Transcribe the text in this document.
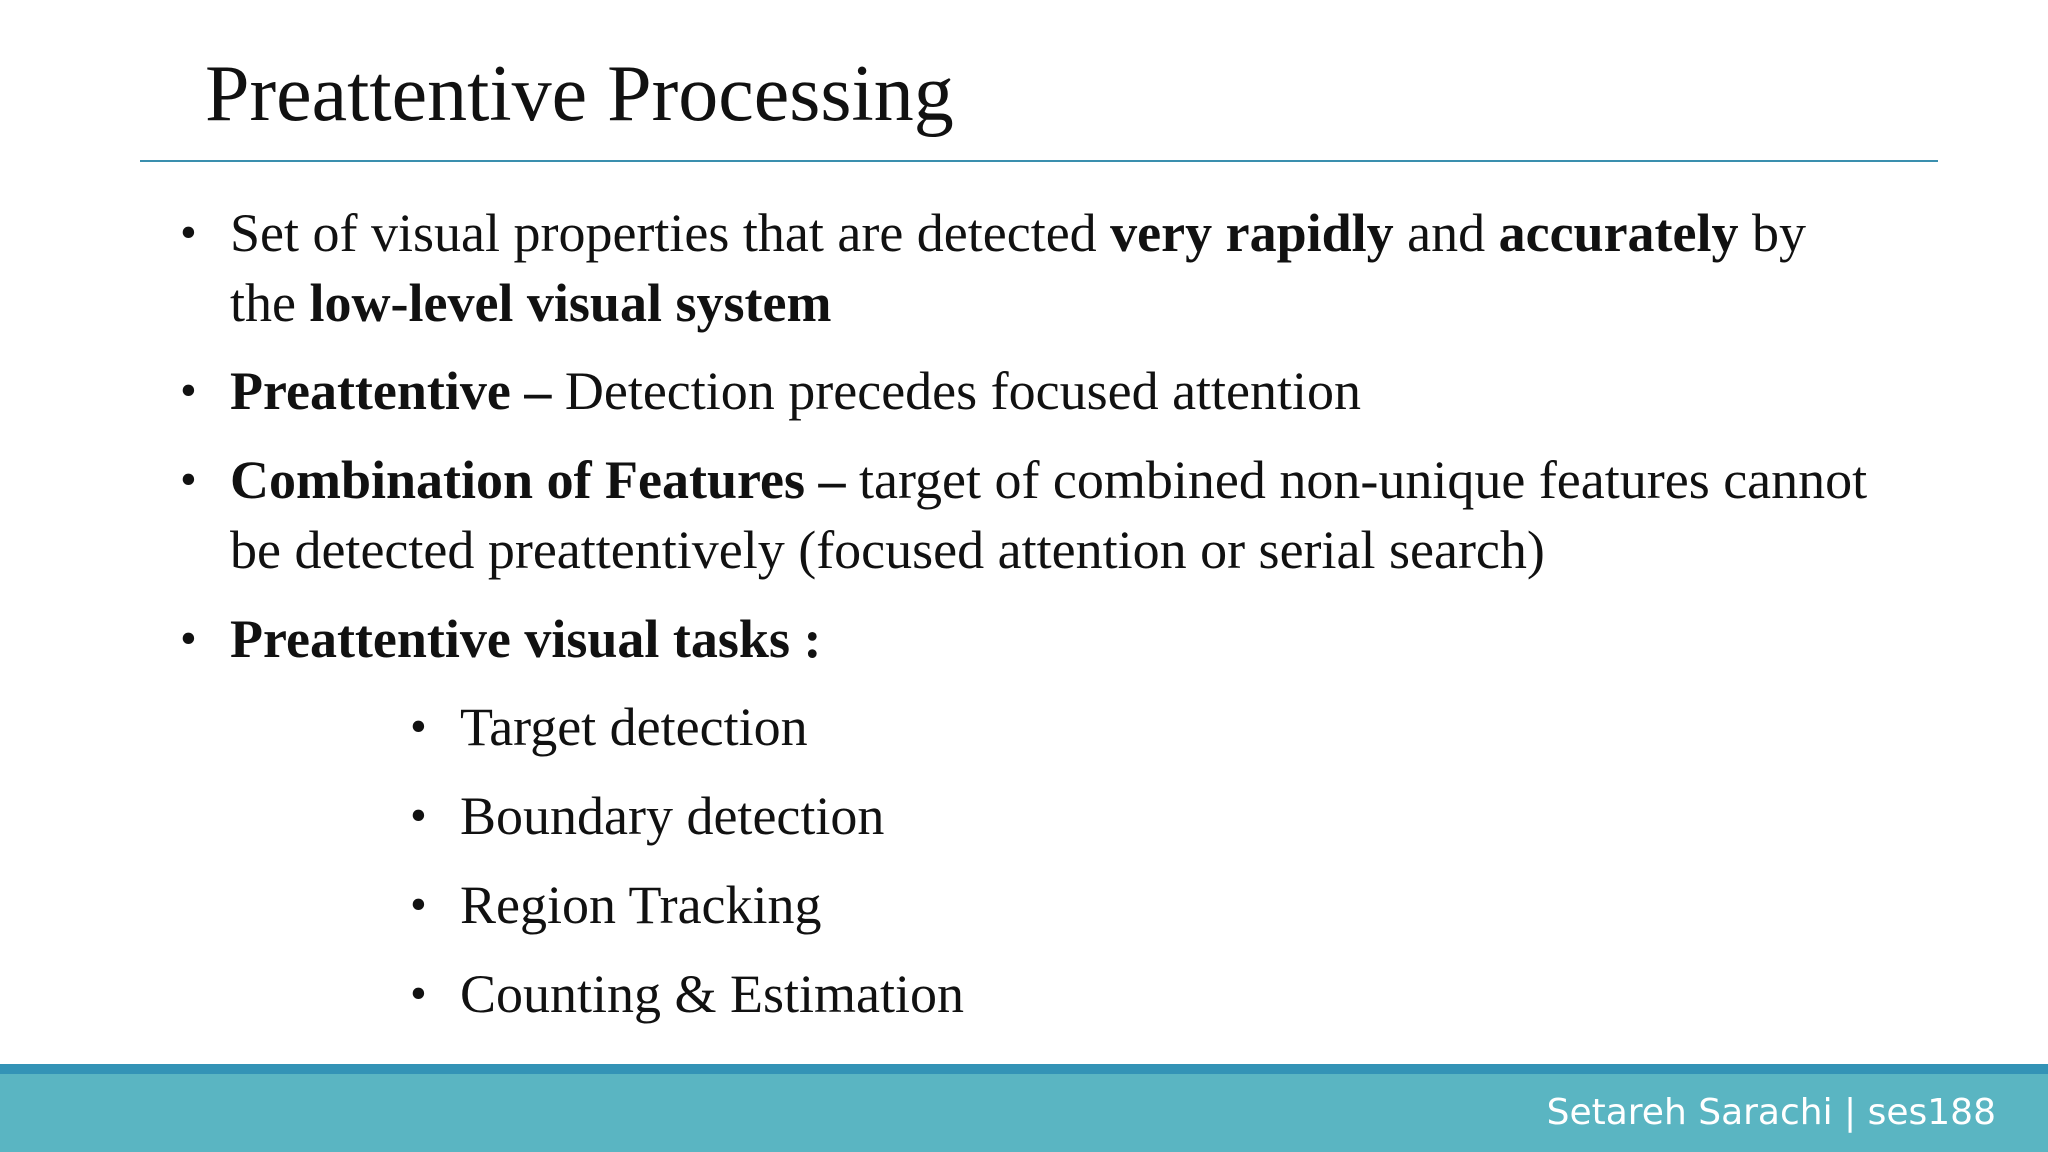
Preattentive Processing
• Set of visual properties that are detected very rapidly and accurately by the low-level visual system
• Preattentive – Detection precedes focused attention
• Combination of Features – target of combined non-unique features cannot be detected preattentively (focused attention or serial search)
• Preattentive visual tasks :
• Target detection
• Boundary detection
• Region Tracking
• Counting & Estimation
Setareh Sarachi | ses188
